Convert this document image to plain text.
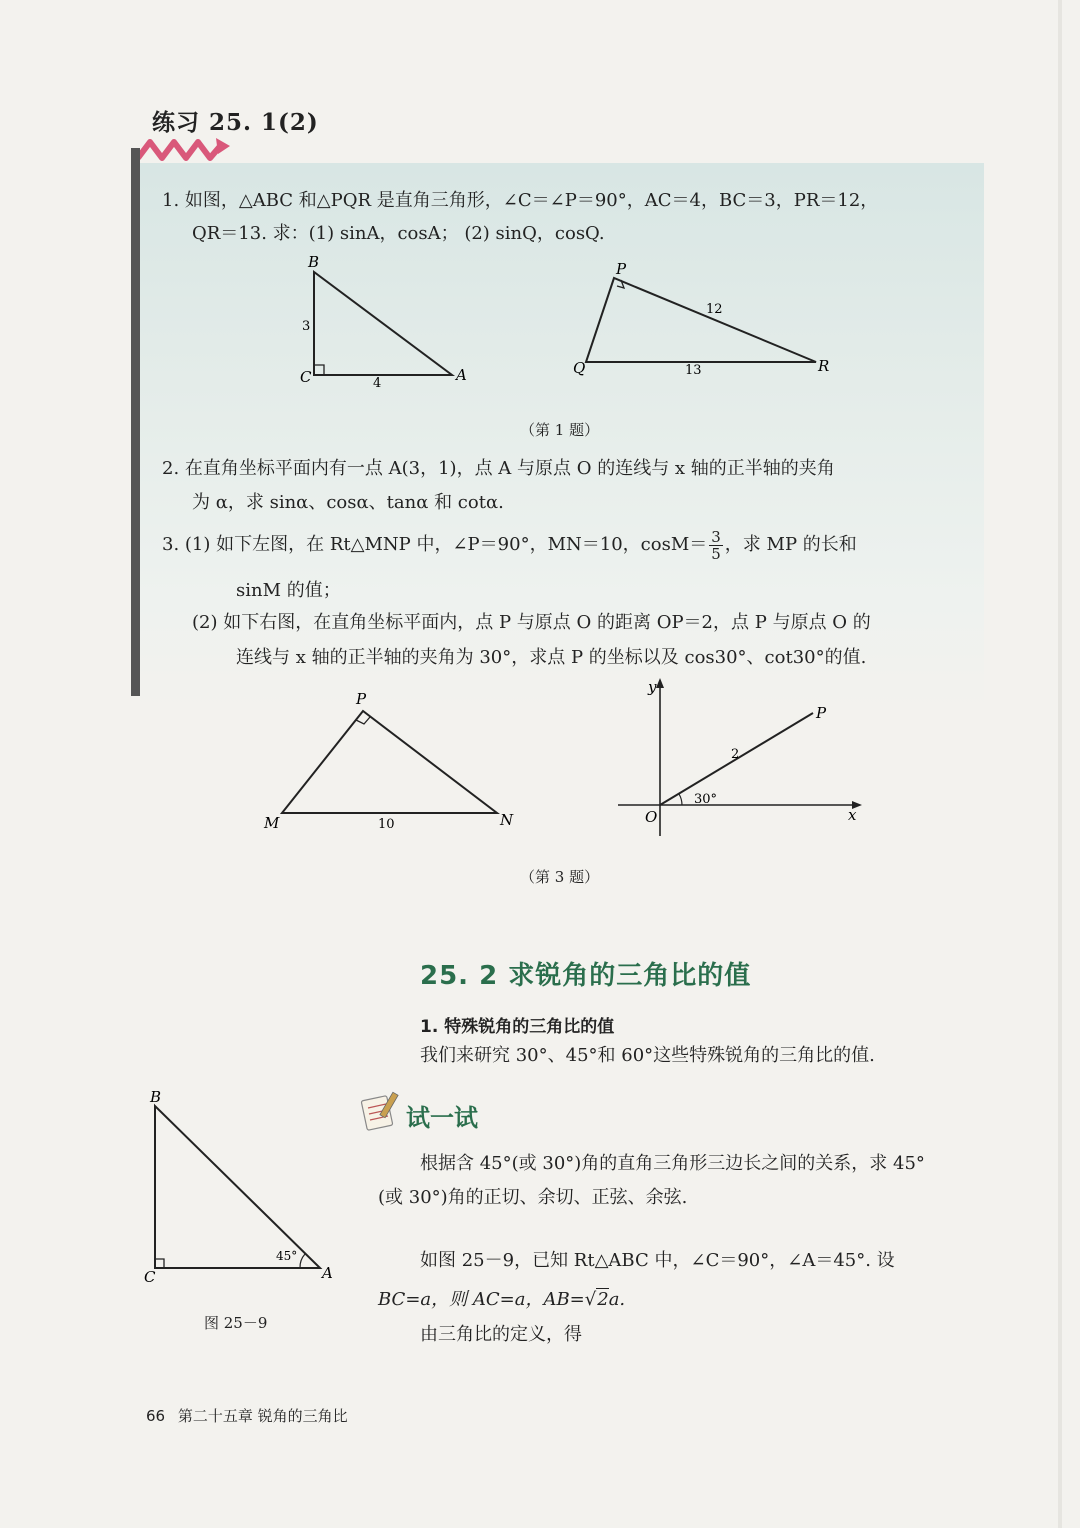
练习 25. 1(2)
1. 如图，△ABC 和△PQR 是直角三角形，∠C＝∠P＝90°，AC＝4，BC＝3，PR＝12，
QR＝13. 求：(1) sinA，cosA； (2) sinQ，cosQ.
B
C	A
3
4
P
Q	R
12
13
（第 1 题）
2. 在直角坐标平面内有一点 A(3，1)，点 A 与原点 O 的连线与 x 轴的正半轴的夹角
为 α，求 sinα、cosα、tanα 和 cotα.
3. (1) 如下左图，在 Rt△MNP 中，∠P＝90°，MN＝10，$\cos M= \frac{3}{5}$ ，求 MP 的长和
sinM 的值；
(2) 如下右图，在直角坐标平面内，点 P 与原点 O 的距离 OP＝2，点 P 与原点 O 的
连线与 x 轴的正半轴的夹角为 30°，求点 P 的坐标以及 cos30°、cot30°的值.
P
M	N
10
y
x
O
P
2
30°
（第 3 题）
25. 2 求锐角的三角比的值
1. 特殊锐角的三角比的值
我们来研究 30°、45°和 60°这些特殊锐角的三角比的值.
试一试
根据含 45°(或 30°)角的直角三角形三边长之间的关系，求 45°
(或 30°)角的正切、余切、正弦、余弦.
如图 25－9，已知 Rt△ABC 中，∠C＝90°，∠A＝45°. 设
BC=a，则 AC=a，AB=√2a.
由三角比的定义，得
B
C	A
45°
图 25－9
66 第二十五章 锐角的三角比
